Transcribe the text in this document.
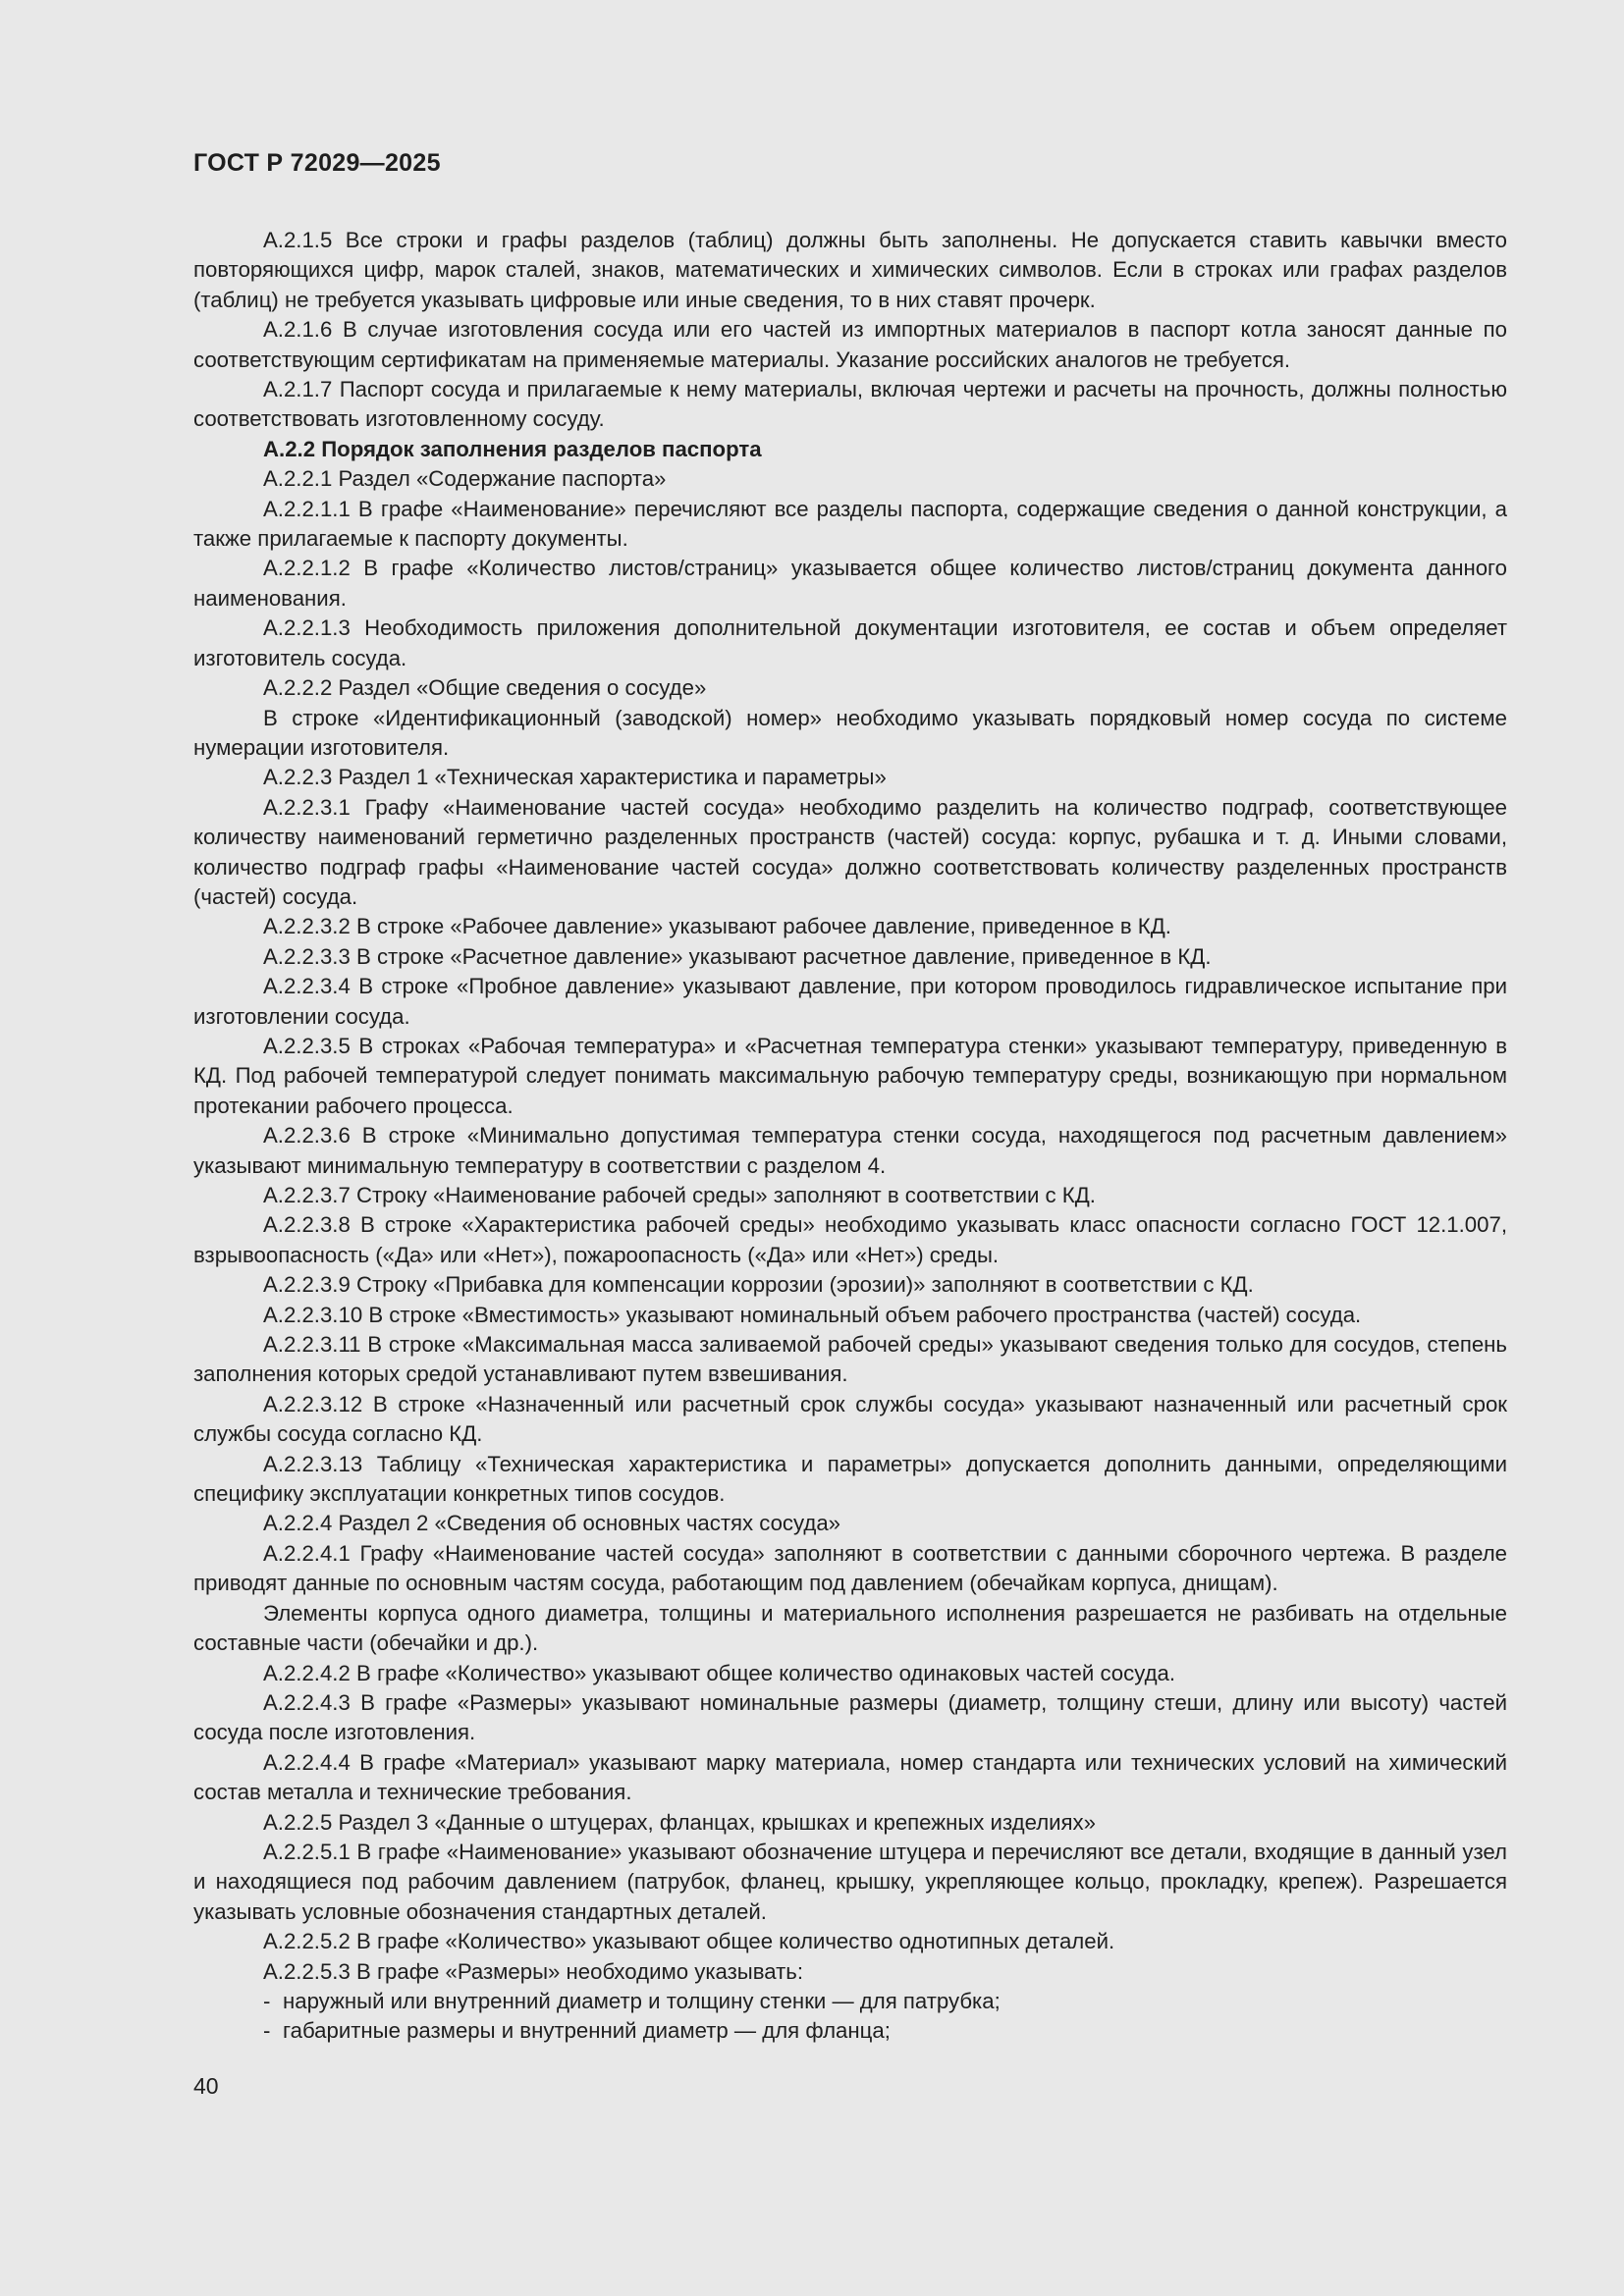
ГОСТ Р 72029—2025

А.2.1.5 Все строки и графы разделов (таблиц) должны быть заполнены. Не допускается ставить кавычки вместо повторяющихся цифр, марок сталей, знаков, математических и химических символов. Если в строках или графах разделов (таблиц) не требуется указывать цифровые или иные сведения, то в них ставят прочерк.

А.2.1.6 В случае изготовления сосуда или его частей из импортных материалов в паспорт котла заносят данные по соответствующим сертификатам на применяемые материалы. Указание российских аналогов не требуется.

А.2.1.7 Паспорт сосуда и прилагаемые к нему материалы, включая чертежи и расчеты на прочность, должны полностью соответствовать изготовленному сосуду.

А.2.2 Порядок заполнения разделов паспорта

А.2.2.1 Раздел «Содержание паспорта»

А.2.2.1.1 В графе «Наименование» перечисляют все разделы паспорта, содержащие сведения о данной конструкции, а также прилагаемые к паспорту документы.

А.2.2.1.2 В графе «Количество листов/страниц» указывается общее количество листов/страниц документа данного наименования.

А.2.2.1.3 Необходимость приложения дополнительной документации изготовителя, ее состав и объем определяет изготовитель сосуда.

А.2.2.2 Раздел «Общие сведения о сосуде»

В строке «Идентификационный (заводской) номер» необходимо указывать порядковый номер сосуда по системе нумерации изготовителя.

А.2.2.3 Раздел 1 «Техническая характеристика и параметры»

А.2.2.3.1 Графу «Наименование частей сосуда» необходимо разделить на количество подграф, соответствующее количеству наименований герметично разделенных пространств (частей) сосуда: корпус, рубашка и т. д. Иными словами, количество подграф графы «Наименование частей сосуда» должно соответствовать количеству разделенных пространств (частей) сосуда.

А.2.2.3.2 В строке «Рабочее давление» указывают рабочее давление, приведенное в КД.

А.2.2.3.3 В строке «Расчетное давление» указывают расчетное давление, приведенное в КД.

А.2.2.3.4 В строке «Пробное давление» указывают давление, при котором проводилось гидравлическое испытание при изготовлении сосуда.

А.2.2.3.5 В строках «Рабочая температура» и «Расчетная температура стенки» указывают температуру, приведенную в КД. Под рабочей температурой следует понимать максимальную рабочую температуру среды, возникающую при нормальном протекании рабочего процесса.

А.2.2.3.6 В строке «Минимально допустимая температура стенки сосуда, находящегося под расчетным давлением» указывают минимальную температуру в соответствии с разделом 4.

А.2.2.3.7 Строку «Наименование рабочей среды» заполняют в соответствии с КД.

А.2.2.3.8 В строке «Характеристика рабочей среды» необходимо указывать класс опасности согласно ГОСТ 12.1.007, взрывоопасность («Да» или «Нет»), пожароопасность («Да» или «Нет») среды.

А.2.2.3.9 Строку «Прибавка для компенсации коррозии (эрозии)» заполняют в соответствии с КД.

А.2.2.3.10 В строке «Вместимость» указывают номинальный объем рабочего пространства (частей) сосуда.

А.2.2.3.11 В строке «Максимальная масса заливаемой рабочей среды» указывают сведения только для сосудов, степень заполнения которых средой устанавливают путем взвешивания.

А.2.2.3.12 В строке «Назначенный или расчетный срок службы сосуда» указывают назначенный или расчетный срок службы сосуда согласно КД.

А.2.2.3.13 Таблицу «Техническая характеристика и параметры» допускается дополнить данными, определяющими специфику эксплуатации конкретных типов сосудов.

А.2.2.4 Раздел 2 «Сведения об основных частях сосуда»

А.2.2.4.1 Графу «Наименование частей сосуда» заполняют в соответствии с данными сборочного чертежа. В разделе приводят данные по основным частям сосуда, работающим под давлением (обечайкам корпуса, днищам).

Элементы корпуса одного диаметра, толщины и материального исполнения разрешается не разбивать на отдельные составные части (обечайки и др.).

А.2.2.4.2 В графе «Количество» указывают общее количество одинаковых частей сосуда.

А.2.2.4.3 В графе «Размеры» указывают номинальные размеры (диаметр, толщину стеши, длину или высоту) частей сосуда после изготовления.

А.2.2.4.4 В графе «Материал» указывают марку материала, номер стандарта или технических условий на химический состав металла и технические требования.

А.2.2.5 Раздел 3 «Данные о штуцерах, фланцах, крышках и крепежных изделиях»

А.2.2.5.1 В графе «Наименование» указывают обозначение штуцера и перечисляют все детали, входящие в данный узел и находящиеся под рабочим давлением (патрубок, фланец, крышку, укрепляющее кольцо, прокладку, крепеж). Разрешается указывать условные обозначения стандартных деталей.

А.2.2.5.2 В графе «Количество» указывают общее количество однотипных деталей.

А.2.2.5.3 В графе «Размеры» необходимо указывать:

- наружный или внутренний диаметр и толщину стенки — для патрубка;

- габаритные размеры и внутренний диаметр — для фланца;

40
